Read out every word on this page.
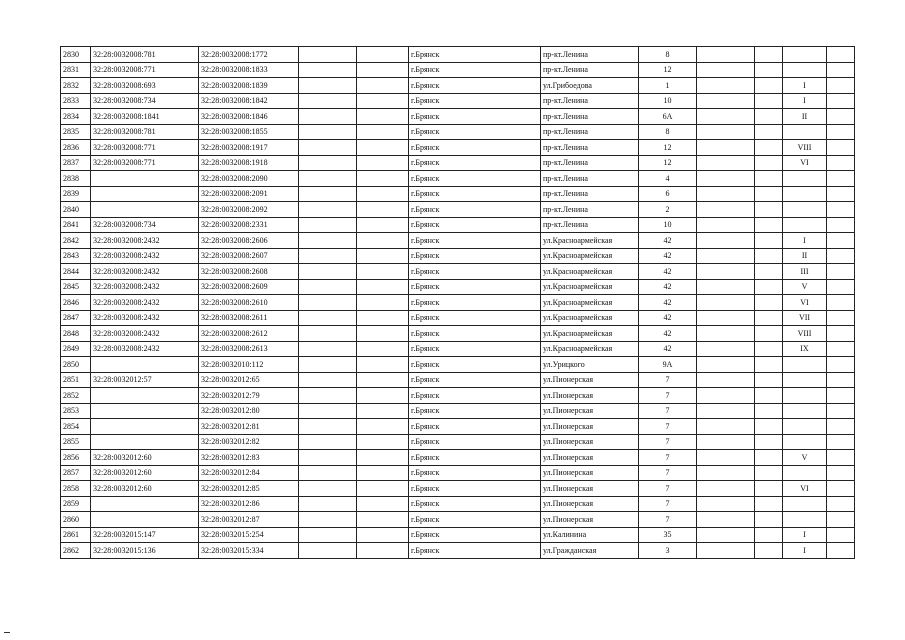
2830	32:28:0032008:781	32:28:0032008:1772			г.Брянск	пр-кт.Ленина	8				
2831	32:28:0032008:771	32:28:0032008:1833			г.Брянск	пр-кт.Ленина	12				
2832	32:28:0032008:693	32:28:0032008:1839			г.Брянск	ул.Грибоедова	1			I	
2833	32:28:0032008:734	32:28:0032008:1842			г.Брянск	пр-кт.Ленина	10			I	
2834	32:28:0032008:1841	32:28:0032008:1846			г.Брянск	пр-кт.Ленина	6А			II	
2835	32:28:0032008:781	32:28:0032008:1855			г.Брянск	пр-кт.Ленина	8				
2836	32:28:0032008:771	32:28:0032008:1917			г.Брянск	пр-кт.Ленина	12			VIII	
2837	32:28:0032008:771	32:28:0032008:1918			г.Брянск	пр-кт.Ленина	12			VI	
2838		32:28:0032008:2090			г.Брянск	пр-кт.Ленина	4				
2839		32:28:0032008:2091			г.Брянск	пр-кт.Ленина	6				
2840		32:28:0032008:2092			г.Брянск	пр-кт.Ленина	2				
2841	32:28:0032008:734	32:28:0032008:2331			г.Брянск	пр-кт.Ленина	10				
2842	32:28:0032008:2432	32:28:0032008:2606			г.Брянск	ул.Красноармейская	42			I	
2843	32:28:0032008:2432	32:28:0032008:2607			г.Брянск	ул.Красноармейская	42			II	
2844	32:28:0032008:2432	32:28:0032008:2608			г.Брянск	ул.Красноармейская	42			III	
2845	32:28:0032008:2432	32:28:0032008:2609			г.Брянск	ул.Красноармейская	42			V	
2846	32:28:0032008:2432	32:28:0032008:2610			г.Брянск	ул.Красноармейская	42			VI	
2847	32:28:0032008:2432	32:28:0032008:2611			г.Брянск	ул.Красноармейская	42			VII	
2848	32:28:0032008:2432	32:28:0032008:2612			г.Брянск	ул.Красноармейская	42			VIII	
2849	32:28:0032008:2432	32:28:0032008:2613			г.Брянск	ул.Красноармейская	42			IX	
2850		32:28:0032010:112			г.Брянск	ул.Урицкого	9А				
2851	32:28:0032012:57	32:28:0032012:65			г.Брянск	ул.Пионерская	7				
2852		32:28:0032012:79			г.Брянск	ул.Пионерская	7				
2853		32:28:0032012:80			г.Брянск	ул.Пионерская	7				
2854		32:28:0032012:81			г.Брянск	ул.Пионерская	7				
2855		32:28:0032012:82			г.Брянск	ул.Пионерская	7				
2856	32:28:0032012:60	32:28:0032012:83			г.Брянск	ул.Пионерская	7			V	
2857	32:28:0032012:60	32:28:0032012:84			г.Брянск	ул.Пионерская	7				
2858	32:28:0032012:60	32:28:0032012:85			г.Брянск	ул.Пионерская	7			VI	
2859		32:28:0032012:86			г.Брянск	ул.Пионерская	7				
2860		32:28:0032012:87			г.Брянск	ул.Пионерская	7				
2861	32:28:0032015:147	32:28:0032015:254			г.Брянск	ул.Калинина	35			I	
2862	32:28:0032015:136	32:28:0032015:334			г.Брянск	ул.Гражданская	3			I	
